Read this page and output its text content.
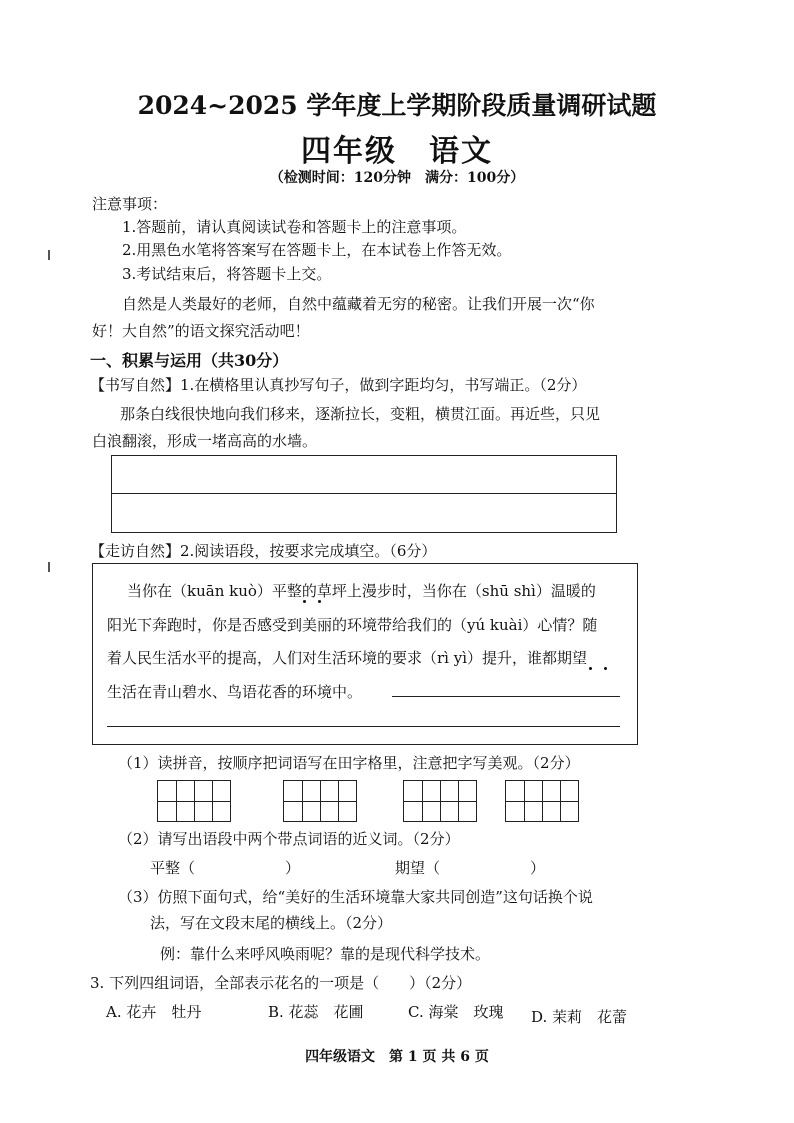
2024~2025 学年度上学期阶段质量调研试题
四年级　语文
（检测时间：120分钟　满分：100分）
注意事项：
1.答题前，请认真阅读试卷和答题卡上的注意事项。
2.用黑色水笔将答案写在答题卡上，在本试卷上作答无效。
3.考试结束后，将答题卡上交。
自然是人类最好的老师，自然中蕴藏着无穷的秘密。让我们开展一次“你
好！大自然”的语文探究活动吧！
一、积累与运用（共30分）
【书写自然】1.在横格里认真抄写句子，做到字距均匀，书写端正。（2分）
那条白线很快地向我们移来，逐渐拉长，变粗，横贯江面。再近些，只见
白浪翻滚，形成一堵高高的水墙。
【走访自然】2.阅读语段，按要求完成填空。（6分）
当你在（kuān kuò）平整的草坪上漫步时，当你在（shū shì）温暖的
阳光下奔跑时，你是否感受到美丽的环境带给我们的（yú kuài）心情？随
着人民生活水平的提高，人们对生活环境的要求（rì yì）提升，谁都期望
生活在青山碧水、鸟语花香的环境中。
（1）读拼音，按顺序把词语写在田字格里，注意把字写美观。（2分）
（2）请写出语段中两个带点词语的近义词。（2分）
平整（　　　　　　）	期望（　　　　　　）
（3）仿照下面句式，给“美好的生活环境靠大家共同创造”这句话换个说
法，写在文段末尾的横线上。（2分）
例：靠什么来呼风唤雨呢？靠的是现代科学技术。
3. 下列四组词语，全部表示花名的一项是（　　）（2分）
A. 花卉　牡丹	B. 花蕊　花圃	C. 海棠　玫瑰 D. 茉莉　花蕾
四年级语文　第 1 页 共 6 页
